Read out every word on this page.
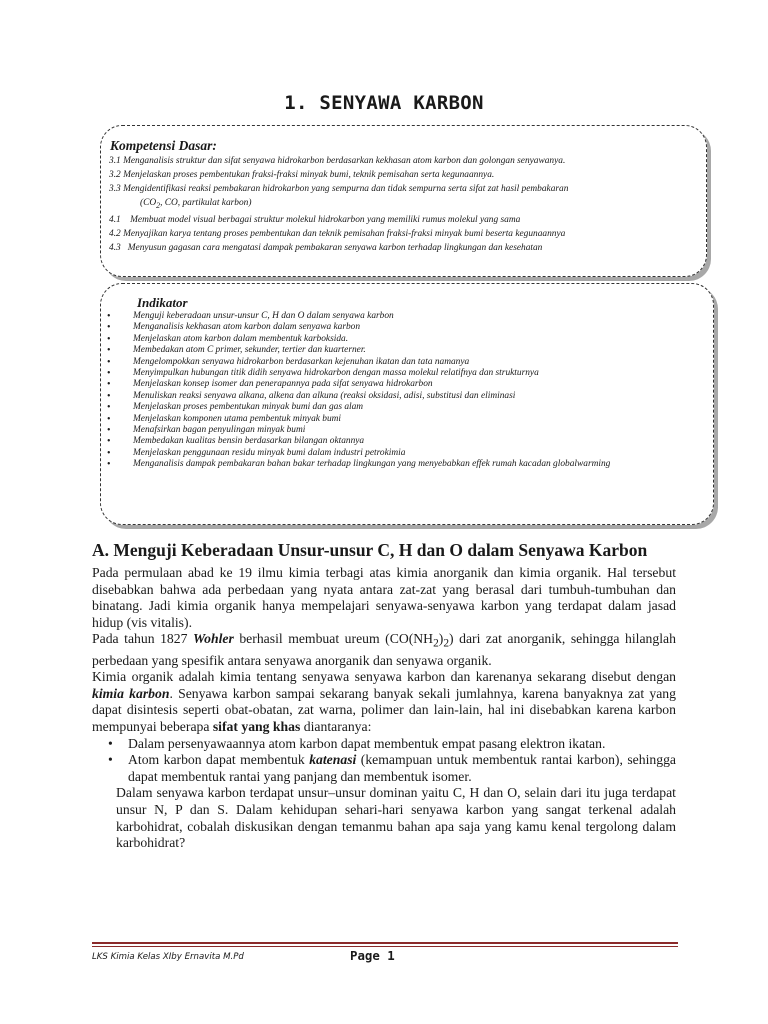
1. SENYAWA KARBON
Kompetensi Dasar:
3.1 Menganalisis struktur dan sifat senyawa hidrokarbon berdasarkan kekhasan atom karbon dan golongan senyawanya.
3.2 Menjelaskan proses pembentukan fraksi-fraksi minyak bumi, teknik pemisahan serta kegunaannya.
3.3 Mengidentifikasi reaksi pembakaran hidrokarbon yang sempurna dan tidak sempurna serta sifat zat hasil pembakaran
($CO_2$, CO, partikulat karbon)
4.1 Membuat model visual berbagai struktur molekul hidrokarbon yang memiliki rumus molekul yang sama
4.2 Menyajikan karya tentang proses pembentukan dan teknik pemisahan fraksi-fraksi minyak bumi beserta kegunaannya
4.3 Menyusun gagasan cara mengatasi dampak pembakaran senyawa karbon terhadap lingkungan dan kesehatan
Indikator
• Menguji keberadaan unsur-unsur C, H dan O dalam senyawa karbon
• Menganalisis kekhasan atom karbon dalam senyawa karbon
• Menjelaskan atom karbon dalam membentuk karboksida.
• Membedakan atom C primer, sekunder, tertier dan kuarterner.
• Mengelompokkan senyawa hidrokarbon berdasarkan kejenuhan ikatan dan tata namanya
• Menyimpulkan hubungan titik didih senyawa hidrokarbon dengan massa molekul relatifnya dan strukturnya
• Menjelaskan konsep isomer dan penerapannya pada sifat senyawa hidrokarbon
• Menuliskan reaksi senyawa alkana, alkena dan alkuna (reaksi oksidasi, adisi, substitusi dan eliminasi
• Menjelaskan proses pembentukan minyak bumi dan gas alam
• Menjelaskan komponen utama pembentuk minyak bumi
• Menafsirkan bagan penyulingan minyak bumi
• Membedakan kualitas bensin berdasarkan bilangan oktannya
• Menjelaskan penggunaan residu minyak bumi dalam industri petrokimia
• Menganalisis dampak pembakaran bahan bakar terhadap lingkungan yang menyebabkan effek rumah kacadan globalwarming
A. Menguji Keberadaan Unsur-unsur C, H dan O dalam Senyawa Karbon

Pada permulaan abad ke 19 ilmu kimia terbagi atas kimia anorganik dan kimia organik. Hal tersebut disebabkan bahwa ada perbedaan yang nyata antara zat-zat yang berasal dari tumbuh-tumbuhan dan binatang. Jadi kimia organik hanya mempelajari senyawa-senyawa karbon yang terdapat dalam jasad hidup (vis vitalis).

Pada tahun 1827 Wohler berhasil membuat ureum $(CO(NH_2)_2)$ dari zat anorganik, sehingga hilanglah perbedaan yang spesifik antara senyawa anorganik dan senyawa organik.

Kimia organik adalah kimia tentang senyawa senyawa karbon dan karenanya sekarang disebut dengan kimia karbon. Senyawa karbon sampai sekarang banyak sekali jumlahnya, karena banyaknya zat yang dapat disintesis seperti obat-obatan, zat warna, polimer dan lain-lain, hal ini disebabkan karena karbon mempunyai beberapa sifat yang khas diantaranya:

• Dalam persenyawaannya atom karbon dapat membentuk empat pasang elektron ikatan.
• Atom karbon dapat membentuk katenasi (kemampuan untuk membentuk rantai karbon), sehingga dapat membentuk rantai yang panjang dan membentuk isomer.

Dalam senyawa karbon terdapat unsur–unsur dominan yaitu C, H dan O, selain dari itu juga terdapat unsur N, P dan S. Dalam kehidupan sehari-hari senyawa karbon yang sangat terkenal adalah karbohidrat, cobalah diskusikan dengan temanmu bahan apa saja yang kamu kenal tergolong dalam karbohidrat?

LKS Kimia Kelas XIby Ernavita M.Pd	Page 1
